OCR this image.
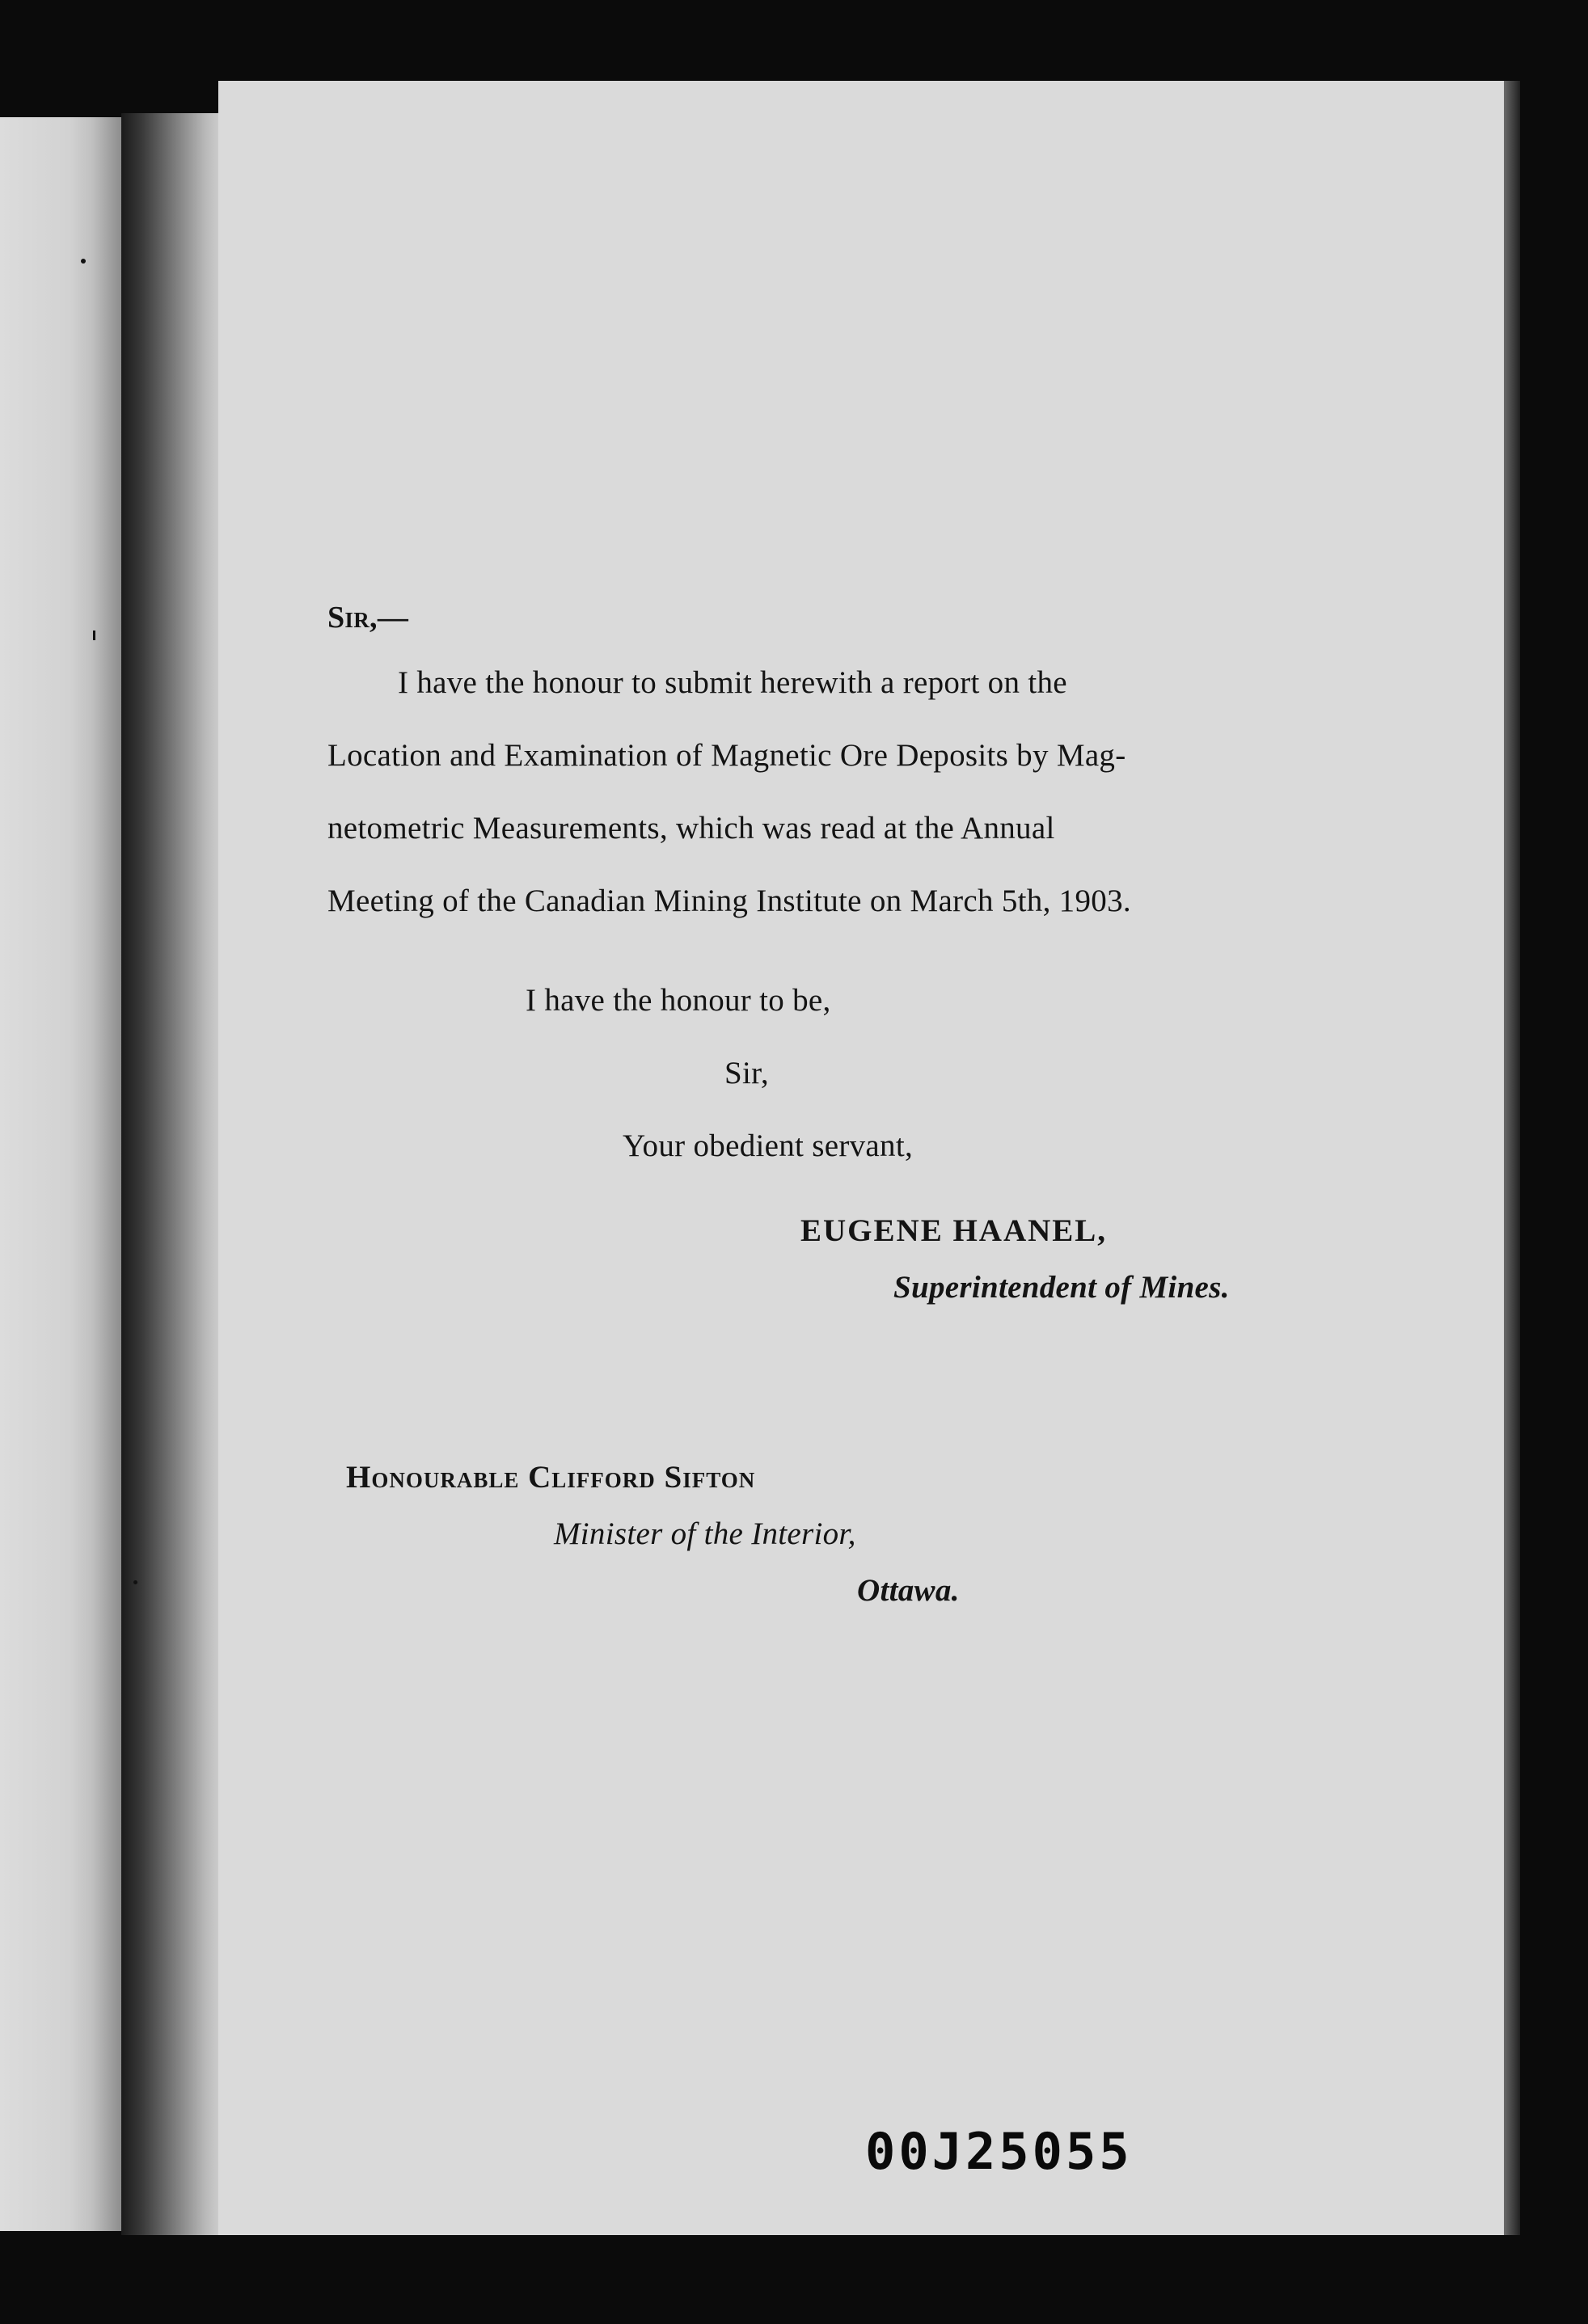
Sir,—
I have the honour to submit herewith a report on the
Location and Examination of Magnetic Ore Deposits by Mag-
netometric Measurements, which was read at the Annual
Meeting of the Canadian Mining Institute on March 5th, 1903.
I have the honour to be,
Sir,
Your obedient servant,
EUGENE HAANEL,
Superintendent of Mines.
Honourable Clifford Sifton
Minister of the Interior,
Ottawa.
00J25055
